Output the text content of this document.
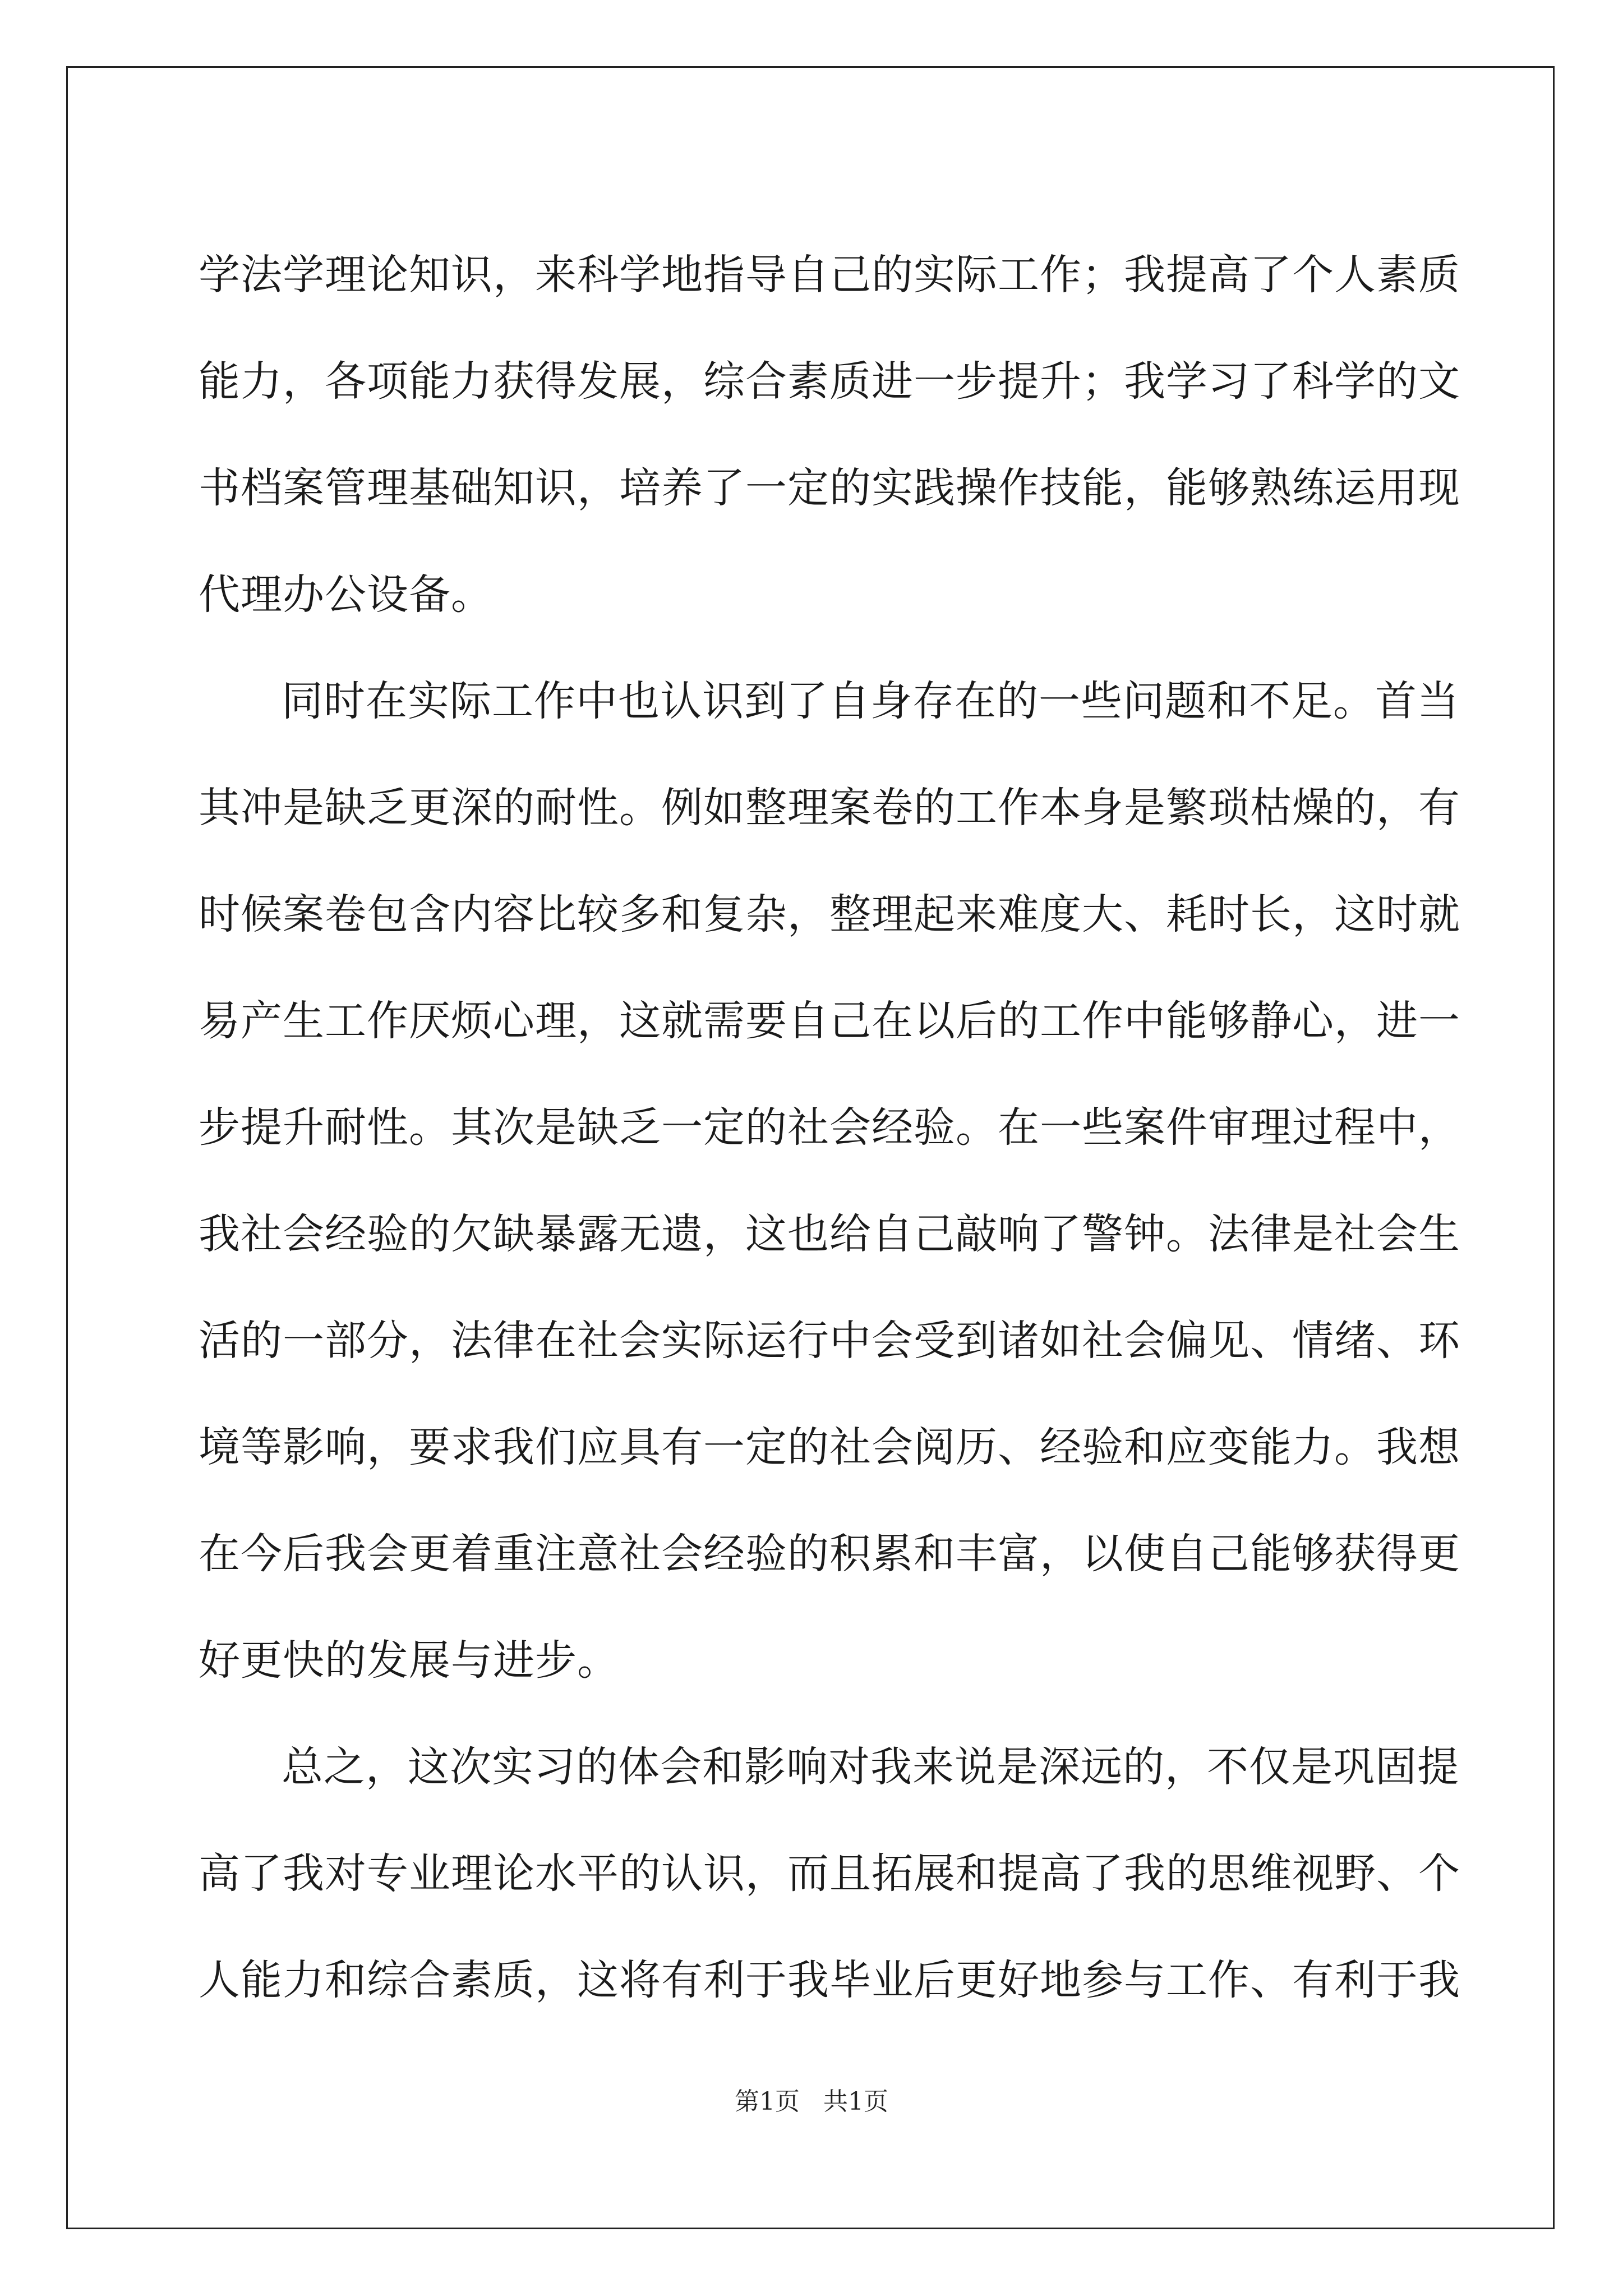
学法学理论知识，来科学地指导自己的实际工作；我提高了个人素质
能力，各项能力获得发展，综合素质进一步提升；我学习了科学的文
书档案管理基础知识，培养了一定的实践操作技能，能够熟练运用现
代理办公设备。
同时在实际工作中也认识到了自身存在的一些问题和不足。首当
其冲是缺乏更深的耐性。例如整理案卷的工作本身是繁琐枯燥的，有
时候案卷包含内容比较多和复杂，整理起来难度大、耗时长，这时就
易产生工作厌烦心理，这就需要自己在以后的工作中能够静心，进一
步提升耐性。其次是缺乏一定的社会经验。在一些案件审理过程中，
我社会经验的欠缺暴露无遗，这也给自己敲响了警钟。法律是社会生
活的一部分，法律在社会实际运行中会受到诸如社会偏见、情绪、环
境等影响，要求我们应具有一定的社会阅历、经验和应变能力。我想
在今后我会更着重注意社会经验的积累和丰富，以使自己能够获得更
好更快的发展与进步。
总之，这次实习的体会和影响对我来说是深远的，不仅是巩固提
高了我对专业理论水平的认识，而且拓展和提高了我的思维视野、个
人能力和综合素质，这将有利于我毕业后更好地参与工作、有利于我
第1页   共1页
